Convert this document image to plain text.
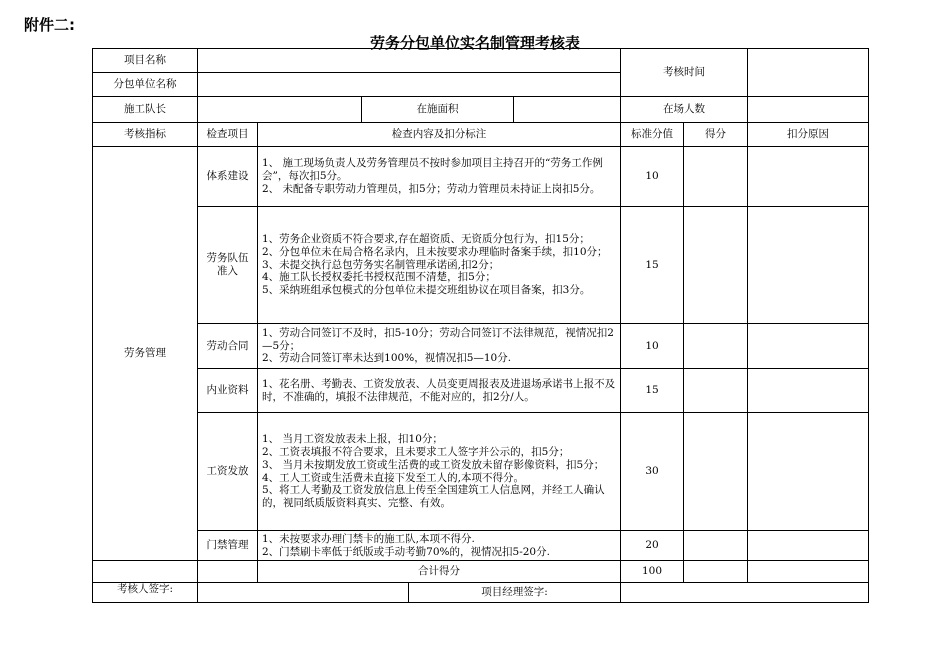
附件二:
劳务分包单位实名制管理考核表
项目名称						考核时间		
分包单位名称								
施工队长			在施面积			在场人数		
考核指标	检查项目	检查内容及扣分标注				标准分值	得分	扣分原因
劳务管理	体系建设	1、 施工现场负责人及劳务管理员不按时参加项目主持召开的“劳务工作例会”，每次扣5分。
2、 未配备专职劳动力管理员，扣5分；劳动力管理员未持证上岗扣5分。				10		
	劳务队伍准入	1、劳务企业资质不符合要求,存在超资质、无资质分包行为，扣15分；
2、分包单位未在局合格名录内，且未按要求办理临时备案手续，扣10分；
3、未提交执行总包劳务实名制管理承诺函,扣2分；
4、施工队长授权委托书授权范围不清楚，扣5分；
5、采纳班组承包模式的分包单位未提交班组协议在项目备案，扣3分。				15		
	劳动合同	1、劳动合同签订不及时，扣5-10分；劳动合同签订不法律规范，视情况扣2—5分；
2、劳动合同签订率未达到100%，视情况扣5—10分.				10		
	内业资料	1、花名册、考勤表、工资发放表、人员变更周报表及进退场承诺书上报不及时，不准确的，填报不法律规范，不能对应的，扣2分/人。				15		
	工资发放	1、 当月工资发放表未上报，扣10分；
2、工资表填报不符合要求，且未要求工人签字并公示的，扣5分；
3、 当月未按期发放工资或生活费的或工资发放未留存影像资料，扣5分；
4、工人工资或生活费未直接下发至工人的,本项不得分。
5、将工人考勤及工资发放信息上传至全国建筑工人信息网，并经工人确认的，视同纸质版资料真实、完整、有效。				30		
	门禁管理	1、未按要求办理门禁卡的施工队,本项不得分.
2、门禁刷卡率低于纸版或手动考勤70%的，视情况扣5-20分.				20		
		合计得分				100		
考核人签字:				项目经理签字:				
